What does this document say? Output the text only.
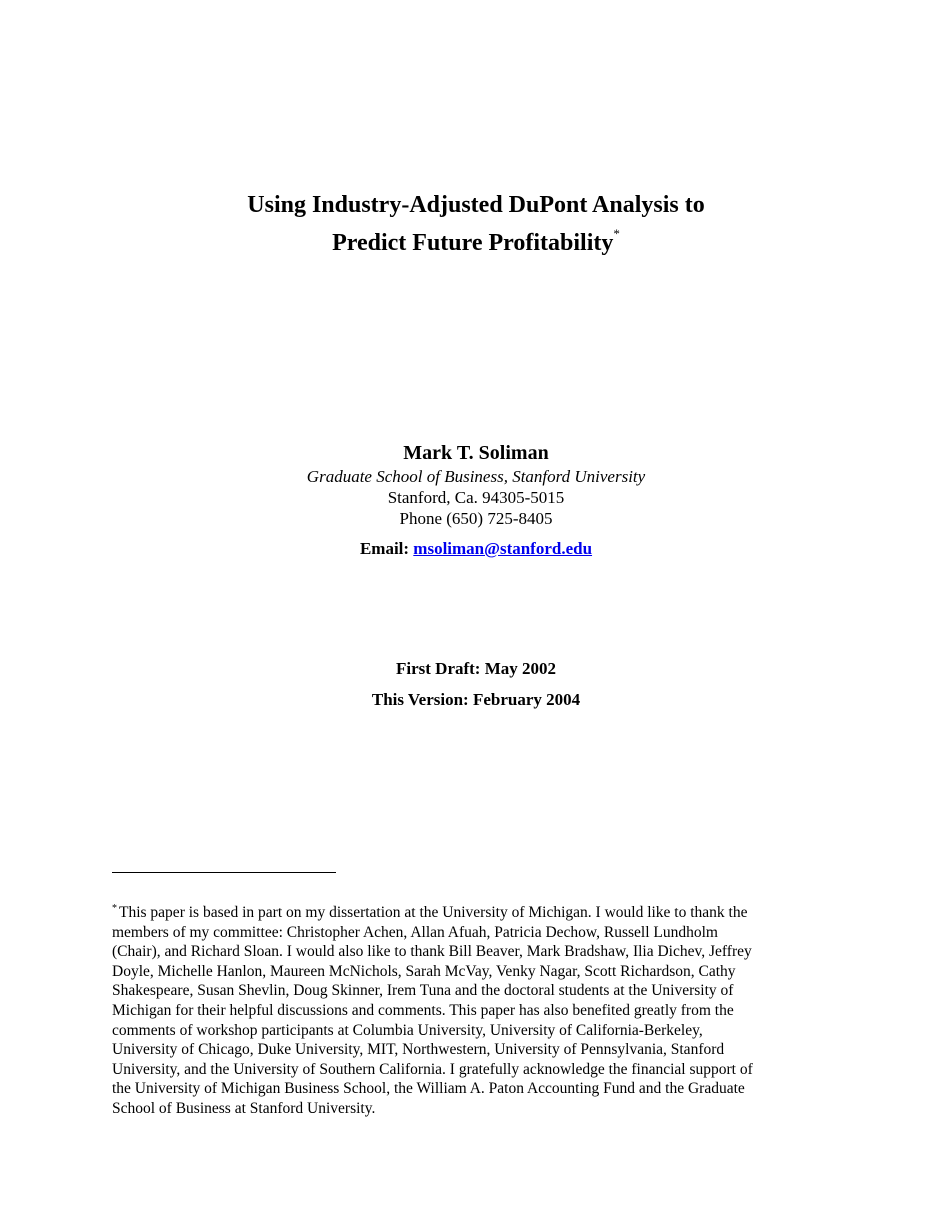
Using Industry-Adjusted DuPont Analysis to
Predict Future Profitability*
Mark T. Soliman
Graduate School of Business, Stanford University
Stanford, Ca. 94305-5015
Phone (650) 725-8405
Email: msoliman@stanford.edu
First Draft: May 2002
This Version: February 2004
* This paper is based in part on my dissertation at the University of Michigan. I would like to thank the
members of my committee: Christopher Achen, Allan Afuah, Patricia Dechow, Russell Lundholm
(Chair), and Richard Sloan. I would also like to thank Bill Beaver, Mark Bradshaw, Ilia Dichev, Jeffrey
Doyle, Michelle Hanlon, Maureen McNichols, Sarah McVay, Venky Nagar, Scott Richardson, Cathy
Shakespeare, Susan Shevlin, Doug Skinner, Irem Tuna and the doctoral students at the University of
Michigan for their helpful discussions and comments. This paper has also benefited greatly from the
comments of workshop participants at Columbia University, University of California-Berkeley,
University of Chicago, Duke University, MIT, Northwestern, University of Pennsylvania, Stanford
University, and the University of Southern California. I gratefully acknowledge the financial support of
the University of Michigan Business School, the William A. Paton Accounting Fund and the Graduate
School of Business at Stanford University.
